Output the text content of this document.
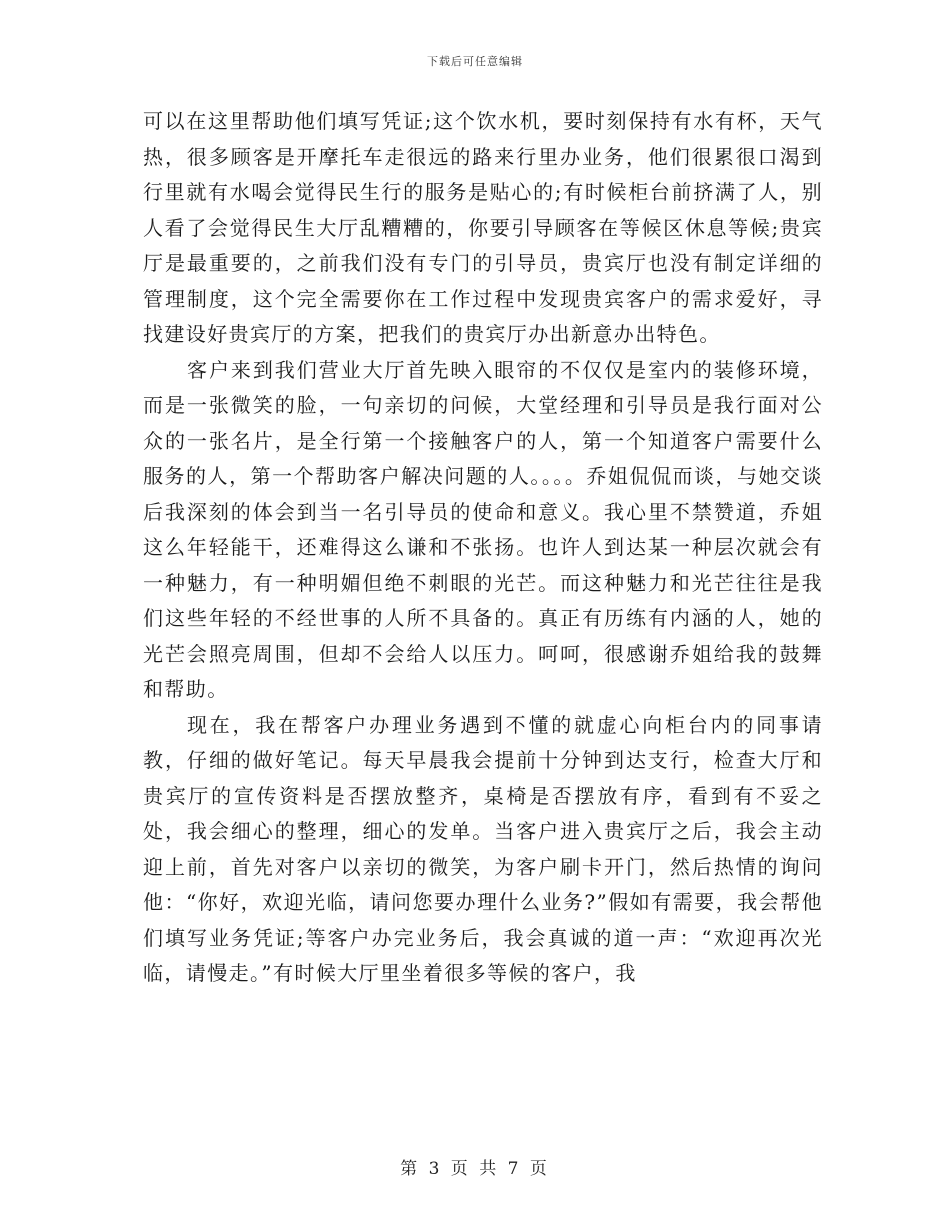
下载后可任意编辑

可以在这里帮助他们填写凭证;这个饮水机，要时刻保持有水有杯，天气热，很多顾客是开摩托车走很远的路来行里办业务，他们很累很口渴到行里就有水喝会觉得民生行的服务是贴心的;有时候柜台前挤满了人，别人看了会觉得民生大厅乱糟糟的，你要引导顾客在等候区休息等候;贵宾厅是最重要的，之前我们没有专门的引导员，贵宾厅也没有制定详细的管理制度，这个完全需要你在工作过程中发现贵宾客户的需求爱好，寻找建设好贵宾厅的方案，把我们的贵宾厅办出新意办出特色。

客户来到我们营业大厅首先映入眼帘的不仅仅是室内的装修环境，而是一张微笑的脸，一句亲切的问候，大堂经理和引导员是我行面对公众的一张名片，是全行第一个接触客户的人，第一个知道客户需要什么服务的人，第一个帮助客户解决问题的人。。。。乔姐侃侃而谈，与她交谈后我深刻的体会到当一名引导员的使命和意义。我心里不禁赞道，乔姐这么年轻能干，还难得这么谦和不张扬。也许人到达某一种层次就会有一种魅力，有一种明媚但绝不刺眼的光芒。而这种魅力和光芒往往是我们这些年轻的不经世事的人所不具备的。真正有历练有内涵的人，她的光芒会照亮周围，但却不会给人以压力。呵呵，很感谢乔姐给我的鼓舞和帮助。

现在，我在帮客户办理业务遇到不懂的就虚心向柜台内的同事请教，仔细的做好笔记。每天早晨我会提前十分钟到达支行，检查大厅和贵宾厅的宣传资料是否摆放整齐，桌椅是否摆放有序，看到有不妥之处，我会细心的整理，细心的发单。当客户进入贵宾厅之后，我会主动迎上前，首先对客户以亲切的微笑，为客户刷卡开门，然后热情的询问他：“你好，欢迎光临，请问您要办理什么业务?”假如有需要，我会帮他们填写业务凭证;等客户办完业务后，我会真诚的道一声：“欢迎再次光临，请慢走。”有时候大厅里坐着很多等候的客户，我

第 3 页 共 7 页
